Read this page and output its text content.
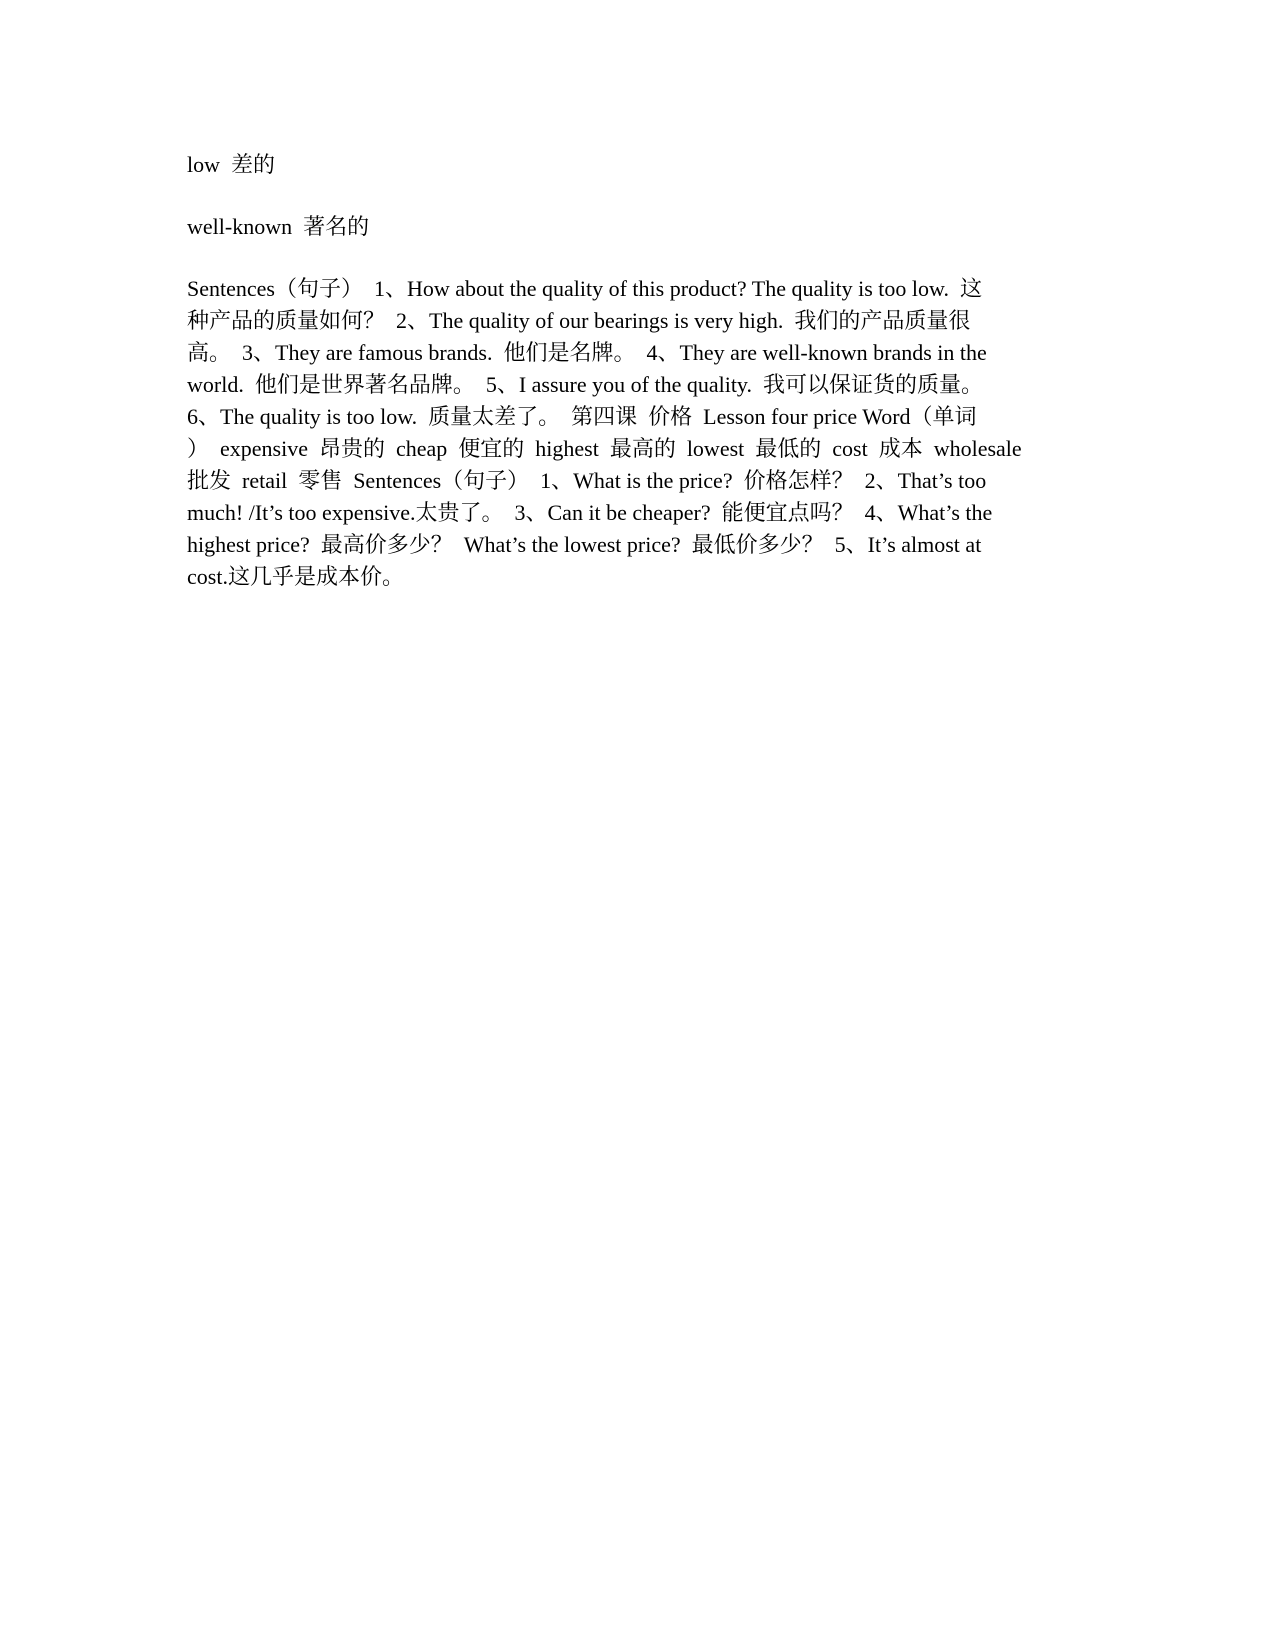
low  差的
well-known  著名的
Sentences（句子）  1、How about the quality of this product? The quality is too low.  这
种产品的质量如何？  2、The quality of our bearings is very high.  我们的产品质量很
高。  3、They are famous brands.  他们是名牌。  4、They are well-known brands in the
world.  他们是世界著名品牌。  5、I assure you of the quality.  我可以保证货的质量。
6、The quality is too low.  质量太差了。  第四课  价格  Lesson four price Word（单词
）  expensive  昂贵的  cheap  便宜的  highest  最高的  lowest  最低的  cost  成本  wholesale
批发  retail  零售  Sentences（句子）  1、What is the price?  价格怎样？  2、That’s too
much! /It’s too expensive.太贵了。  3、Can it be cheaper?  能便宜点吗？  4、What’s the
highest price?  最高价多少？  What’s the lowest price?  最低价多少？  5、It’s almost at
cost.这几乎是成本价。
